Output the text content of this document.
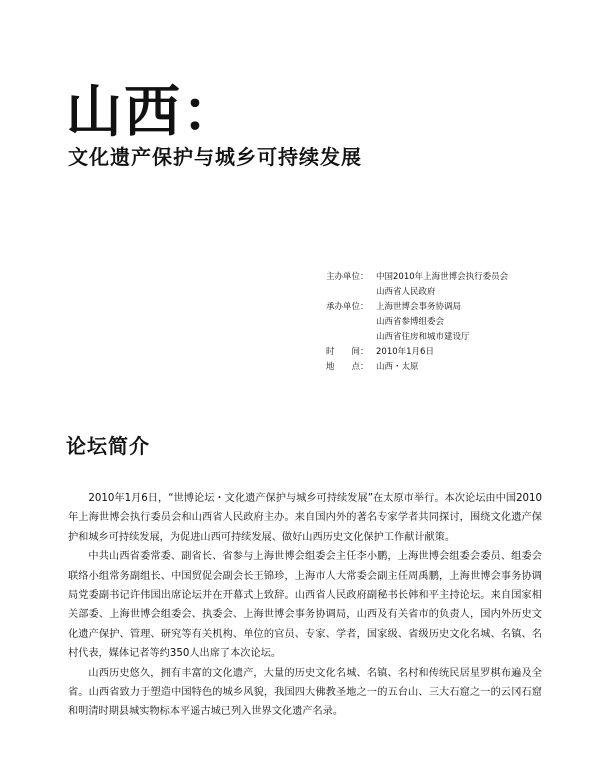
山西：
文化遗产保护与城乡可持续发展
主办单位： 中国2010年上海世博会执行委员会
山西省人民政府
承办单位： 上海世博会事务协调局
山西省参博组委会
山西省住房和城市建设厅
时　　间： 2010年1月6日
地　　点： 山西・太原
论坛简介

2010年1月6日，“世博论坛・文化遗产保护与城乡可持续发展”在太原市举行。本次论坛由中国2010年上海世博会执行委员会和山西省人民政府主办。来自国内外的著名专家学者共同探讨，围绕文化遗产保护和城乡可持续发展，为促进山西可持续发展、做好山西历史文化保护工作献计献策。

中共山西省委常委、副省长、省参与上海世博会组委会主任李小鹏，上海世博会组委会委员、组委会联络小组常务副组长、中国贸促会副会长王锦珍，上海市人大常委会副主任周禹鹏，上海世博会事务协调局党委副书记许伟国出席论坛并在开幕式上致辞。山西省人民政府副秘书长韩和平主持论坛。来自国家相关部委、上海世博会组委会、执委会、上海世博会事务协调局，山西及有关省市的负责人，国内外历史文化遗产保护、管理、研究等有关机构、单位的官员、专家、学者，国家级、省级历史文化名城、名镇、名村代表，媒体记者等约350人出席了本次论坛。

山西历史悠久，拥有丰富的文化遗产，大量的历史文化名城、名镇、名村和传统民居星罗棋布遍及全省。山西省致力于塑造中国特色的城乡风貌，我国四大佛教圣地之一的五台山、三大石窟之一的云冈石窟和明清时期县城实物标本平遥古城已列入世界文化遗产名录。
